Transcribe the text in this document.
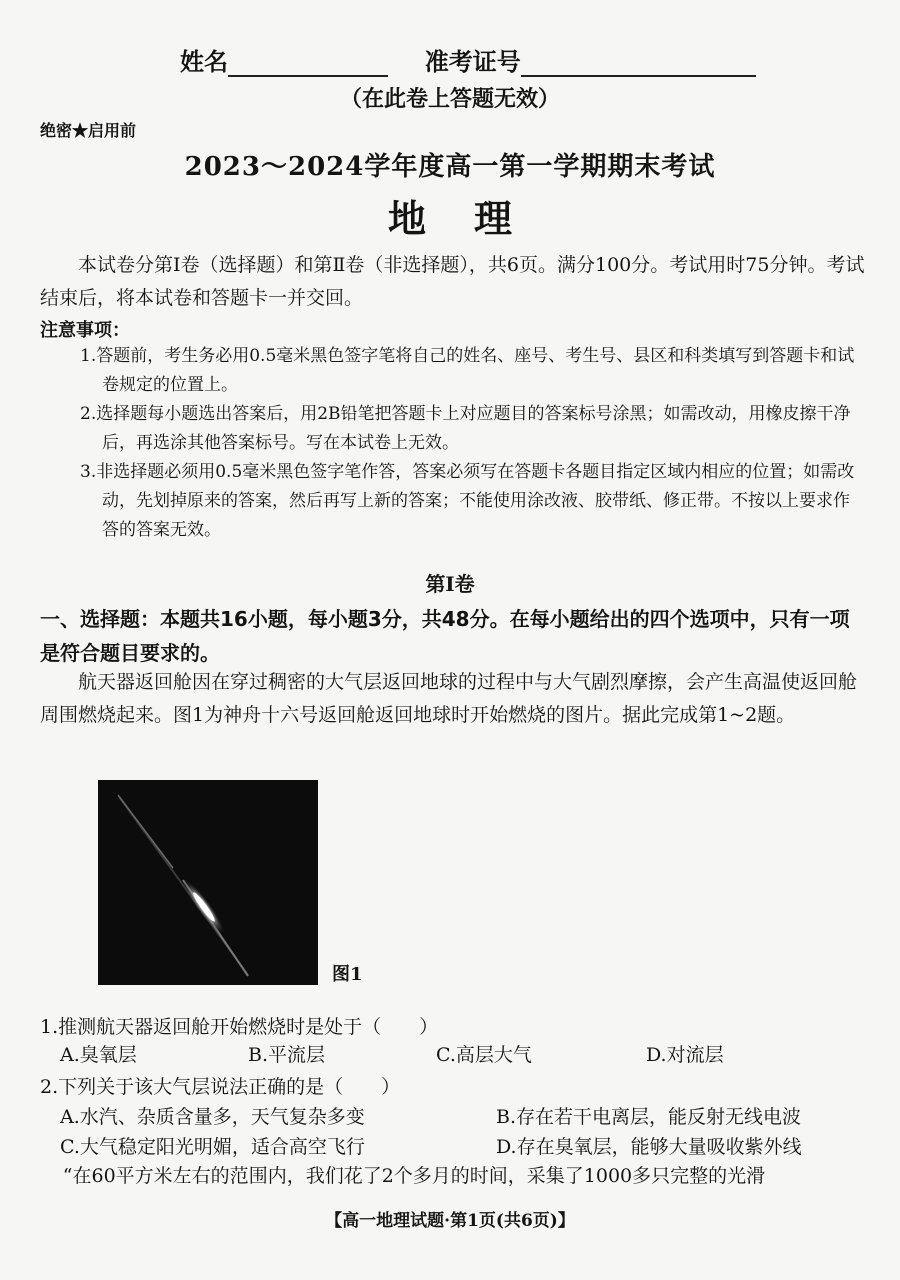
姓名	准考证号
（在此卷上答题无效）
绝密★启用前
2023～2024学年度高一第一学期期末考试
地理
本试卷分第Ⅰ卷（选择题）和第Ⅱ卷（非选择题），共6页。满分100分。考试用时75分钟。考试结束后，将本试卷和答题卡一并交回。
注意事项：
1.答题前，考生务必用0.5毫米黑色签字笔将自己的姓名、座号、考生号、县区和科类填写到答题卡和试卷规定的位置上。
2.选择题每小题选出答案后，用2B铅笔把答题卡上对应题目的答案标号涂黑；如需改动，用橡皮擦干净后，再选涂其他答案标号。写在本试卷上无效。
3.非选择题必须用0.5毫米黑色签字笔作答，答案必须写在答题卡各题目指定区域内相应的位置；如需改动，先划掉原来的答案，然后再写上新的答案；不能使用涂改液、胶带纸、修正带。不按以上要求作答的答案无效。
第Ⅰ卷
一、选择题：本题共16小题，每小题3分，共48分。在每小题给出的四个选项中，只有一项是符合题目要求的。
航天器返回舱因在穿过稠密的大气层返回地球的过程中与大气剧烈摩擦，会产生高温使返回舱周围燃烧起来。图1为神舟十六号返回舱返回地球时开始燃烧的图片。据此完成第1~2题。
图1
1.推测航天器返回舱开始燃烧时是处于（　　）
A.臭氧层	B.平流层	C.高层大气	D.对流层
2.下列关于该大气层说法正确的是（　　）
A.水汽、杂质含量多，天气复杂多变	B.存在若干电离层，能反射无线电波
C.大气稳定阳光明媚，适合高空飞行	D.存在臭氧层，能够大量吸收紫外线
“在60平方米左右的范围内，我们花了2个多月的时间，采集了1000多只完整的光滑
【高一地理试题·第1页(共6页)】
